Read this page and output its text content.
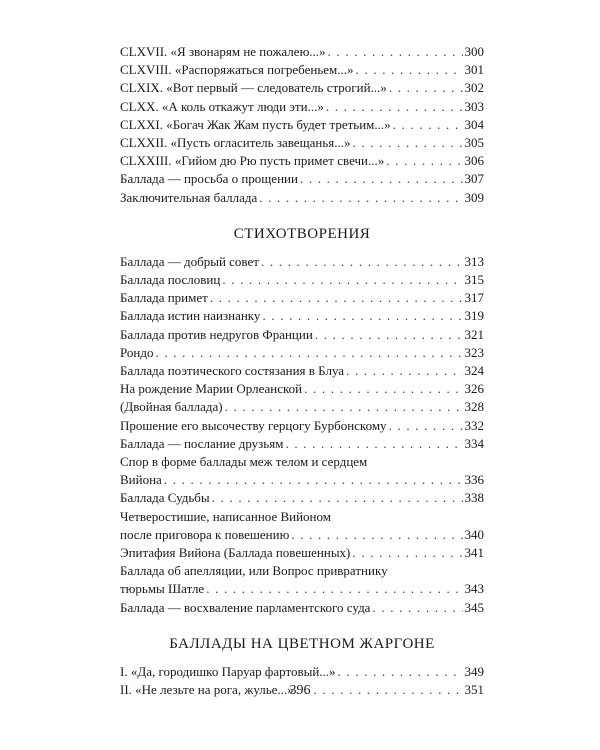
CLXVII. «Я звонарям не пожалею...» . . .	300
CLXVIII. «Распоряжаться погребеньем...» . . .	301
CLXIX. «Вот первый — следователь строгий...» . . .	302
CLXX. «А коль откажут люди эти...» . . .	303
CLXXI. «Богач Жак Жам пусть будет третьим...» . . .	304
CLXXII. «Пусть огласитель завещанья...» . . .	305
CLXXIII. «Гийом дю Рю пусть примет свечи...» . . .	306
Баллада — просьба о прощении . . .	307
Заключительная баллада . . .	309
СТИХОТВОРЕНИЯ
Баллада — добрый совет . . .	313
Баллада пословиц . . .	315
Баллада примет . . .	317
Баллада истин наизнанку . . .	319
Баллада против недругов Франции . . .	321
Рондо . . .	323
Баллада поэтического состязания в Блуа . . .	324
На рождение Марии Орлеанской . . .	326
(Двойная баллада) . . .	328
Прошение его высочеству герцогу Бурбонскому . . .	332
Баллада — послание друзьям . . .	334
Спор в форме баллады меж телом и сердцем
Вийона . . .	336
Баллада Судьбы . . .	338
Четверостишие, написанное Вийоном
после приговора к повешению . . .	340
Эпитафия Вийона (Баллада повешенных) . . .	341
Баллада об апелляции, или Вопрос привратнику
тюрьмы Шатле . . .	343
Баллада — восхваление парламентского суда . . .	345
БАЛЛАДЫ НА ЦВЕТНОМ ЖАРГОНЕ
I. «Да, городишко Паруар фартовый...» . . .	349
II. «Не лезьте на рога, жулье...» . . .	351
396
